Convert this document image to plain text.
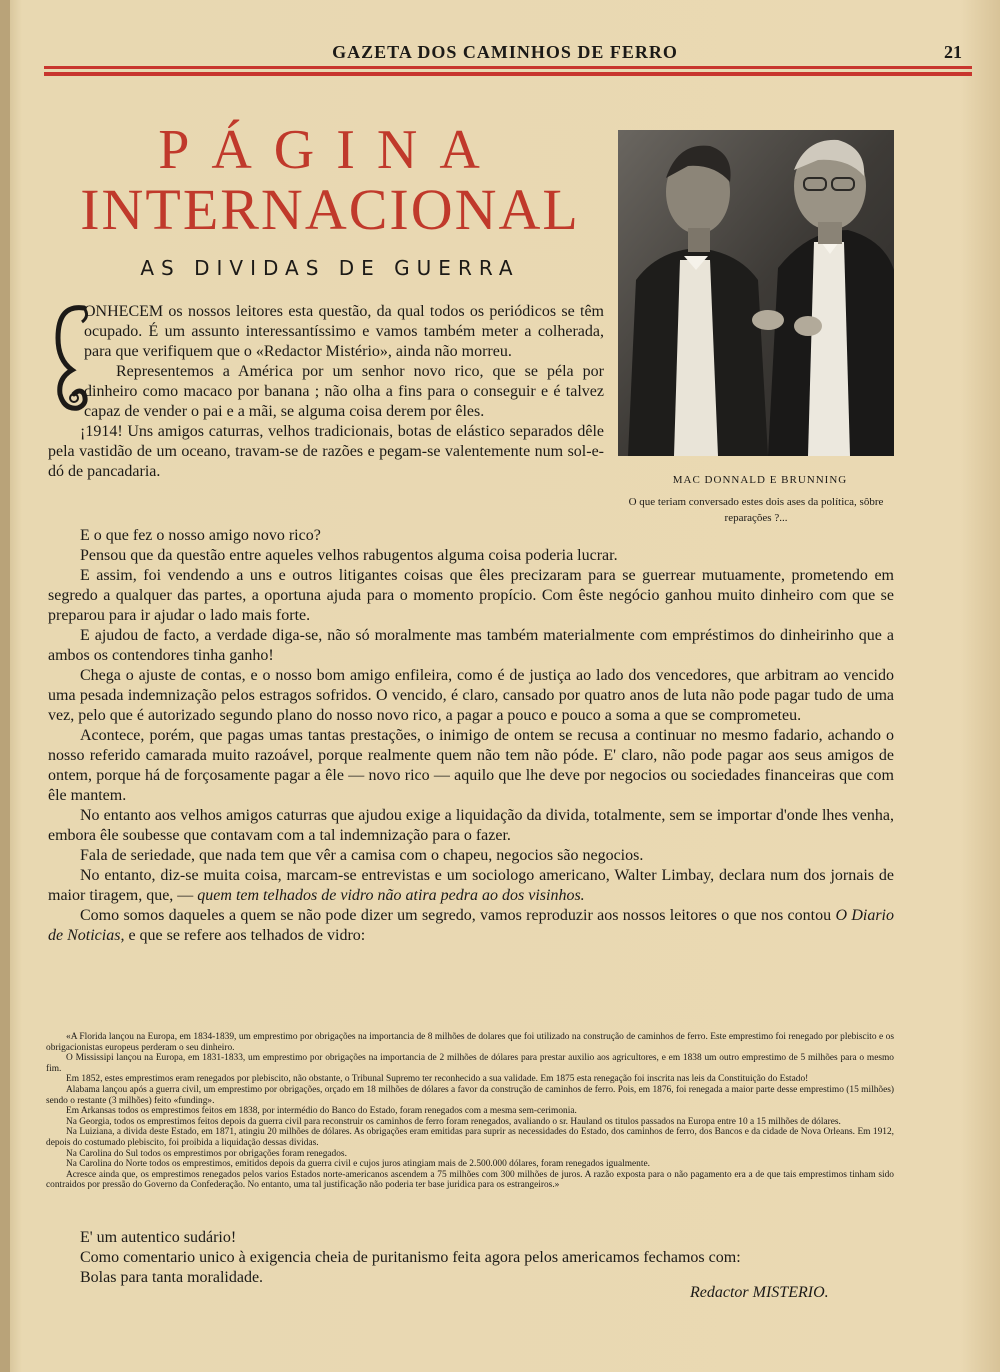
GAZETA DOS CAMINHOS DE FERRO	21
PÁGINA
INTERNACIONAL
AS DIVIDAS DE GUERRA
MAC DONNALD E BRUNNING
O que teriam conversado estes dois ases da política, sôbre reparações ?...

ONHECEM os nossos leitores esta questão, da qual todos os periódicos se têm ocupado. É um assunto interessantíssimo e vamos também meter a colherada, para que verifiquem que o «Redactor Mistério», ainda não morreu.

Representemos a América por um senhor novo rico, que se péla por dinheiro como macaco por banana ; não olha a fins para o conseguir e é talvez capaz de vender o pai e a mãi, se alguma coisa derem por êles.

¡1914! Uns amigos caturras, velhos tradicionais, botas de elástico separados dêle pela vastidão de um oceano, travam-se de razões e pegam-se valentemente num sol-e-dó de pancadaria.

E o que fez o nosso amigo novo rico?

Pensou que da questão entre aqueles velhos rabugentos alguma coisa poderia lucrar.

E assim, foi vendendo a uns e outros litigantes coisas que êles precizaram para se guerrear mutuamente, prometendo em segredo a qualquer das partes, a oportuna ajuda para o momento propício. Com êste negócio ganhou muito dinheiro com que se preparou para ir ajudar o lado mais forte.

E ajudou de facto, a verdade diga-se, não só moralmente mas também materialmente com empréstimos do dinheirinho que a ambos os contendores tinha ganho!

Chega o ajuste de contas, e o nosso bom amigo enfileira, como é de justiça ao lado dos vencedores, que arbitram ao vencido uma pesada indemnização pelos estragos sofridos. O vencido, é claro, cansado por quatro anos de luta não pode pagar tudo de uma vez, pelo que é autorizado segundo plano do nosso novo rico, a pagar a pouco e pouco a soma a que se comprometeu.

Acontece, porém, que pagas umas tantas prestações, o inimigo de ontem se recusa a continuar no mesmo fadario, achando o nosso referido camarada muito razoável, porque realmente quem não tem não póde. E' claro, não pode pagar aos seus amigos de ontem, porque há de forçosamente pagar a êle — novo rico — aquilo que lhe deve por negocios ou sociedades financeiras que com êle mantem.

No entanto aos velhos amigos caturras que ajudou exige a liquidação da divida, totalmente, sem se importar d'onde lhes venha, embora êle soubesse que contavam com a tal indemnização para o fazer.

Fala de seriedade, que nada tem que vêr a camisa com o chapeu, negocios são negocios.

No entanto, diz-se muita coisa, marcam-se entrevistas e um sociologo americano, Walter Limbay, declara num dos jornais de maior tiragem, que, — quem tem telhados de vidro não atira pedra ao dos visinhos.

Como somos daqueles a quem se não pode dizer um segredo, vamos reproduzir aos nossos leitores o que nos contou O Diario de Noticias, e que se refere aos telhados de vidro:

«A Florida lançou na Europa, em 1834-1839, um emprestimo por obrigações na importancia de 8 milhões de dolares que foi utilizado na construção de caminhos de ferro. Este emprestimo foi renegado por plebiscito e os obrigacionistas europeus perderam o seu dinheiro.

O Mississipi lançou na Europa, em 1831-1833, um emprestimo por obrigações na importancia de 2 milhões de dólares para prestar auxilio aos agricultores, e em 1838 um outro emprestimo de 5 milhões para o mesmo fim.

Em 1852, estes emprestimos eram renegados por plebiscito, não obstante, o Tribunal Supremo ter reconhecido a sua validade. Em 1875 esta renegação foi inscrita nas leis da Constituição do Estado!

Alabama lançou após a guerra civil, um emprestimo por obrigações, orçado em 18 milhões de dólares a favor da construção de caminhos de ferro. Pois, em 1876, foi renegada a maior parte desse emprestimo (15 milhões) sendo o restante (3 milhões) feito «funding».

Em Arkansas todos os emprestimos feitos em 1838, por intermédio do Banco do Estado, foram renegados com a mesma sem-cerimonia.

Na Georgia, todos os emprestimos feitos depois da guerra civil para reconstruir os caminhos de ferro foram renegados, avaliando o sr. Hauland os titulos passados na Europa entre 10 a 15 milhões de dólares.

Na Luiziana, a divida deste Estado, em 1871, atingiu 20 milhões de dólares. As obrigações eram emitidas para suprir as necessidades do Estado, dos caminhos de ferro, dos Bancos e da cidade de Nova Orleans. Em 1912, depois do costumado plebiscito, foi proibida a liquidação dessas dividas.

Na Carolina do Sul todos os emprestimos por obrigações foram renegados.

Na Carolina do Norte todos os emprestimos, emitidos depois da guerra civil e cujos juros atingiam mais de 2.500.000 dólares, foram renegados igualmente.

Acresce ainda que, os emprestimos renegados pelos varios Estados norte-americanos ascendem a 75 milhões com 300 milhões de juros. A razão exposta para o não pagamento era a de que tais emprestimos tinham sido contraidos por pressão do Governo da Confederação. No entanto, uma tal justificação não poderia ter base juridica para os estrangeiros.»

E' um autentico sudário!

Como comentario unico à exigencia cheia de puritanismo feita agora pelos americamos fechamos com:

Bolas para tanta moralidade.

Redactor MISTERIO.
